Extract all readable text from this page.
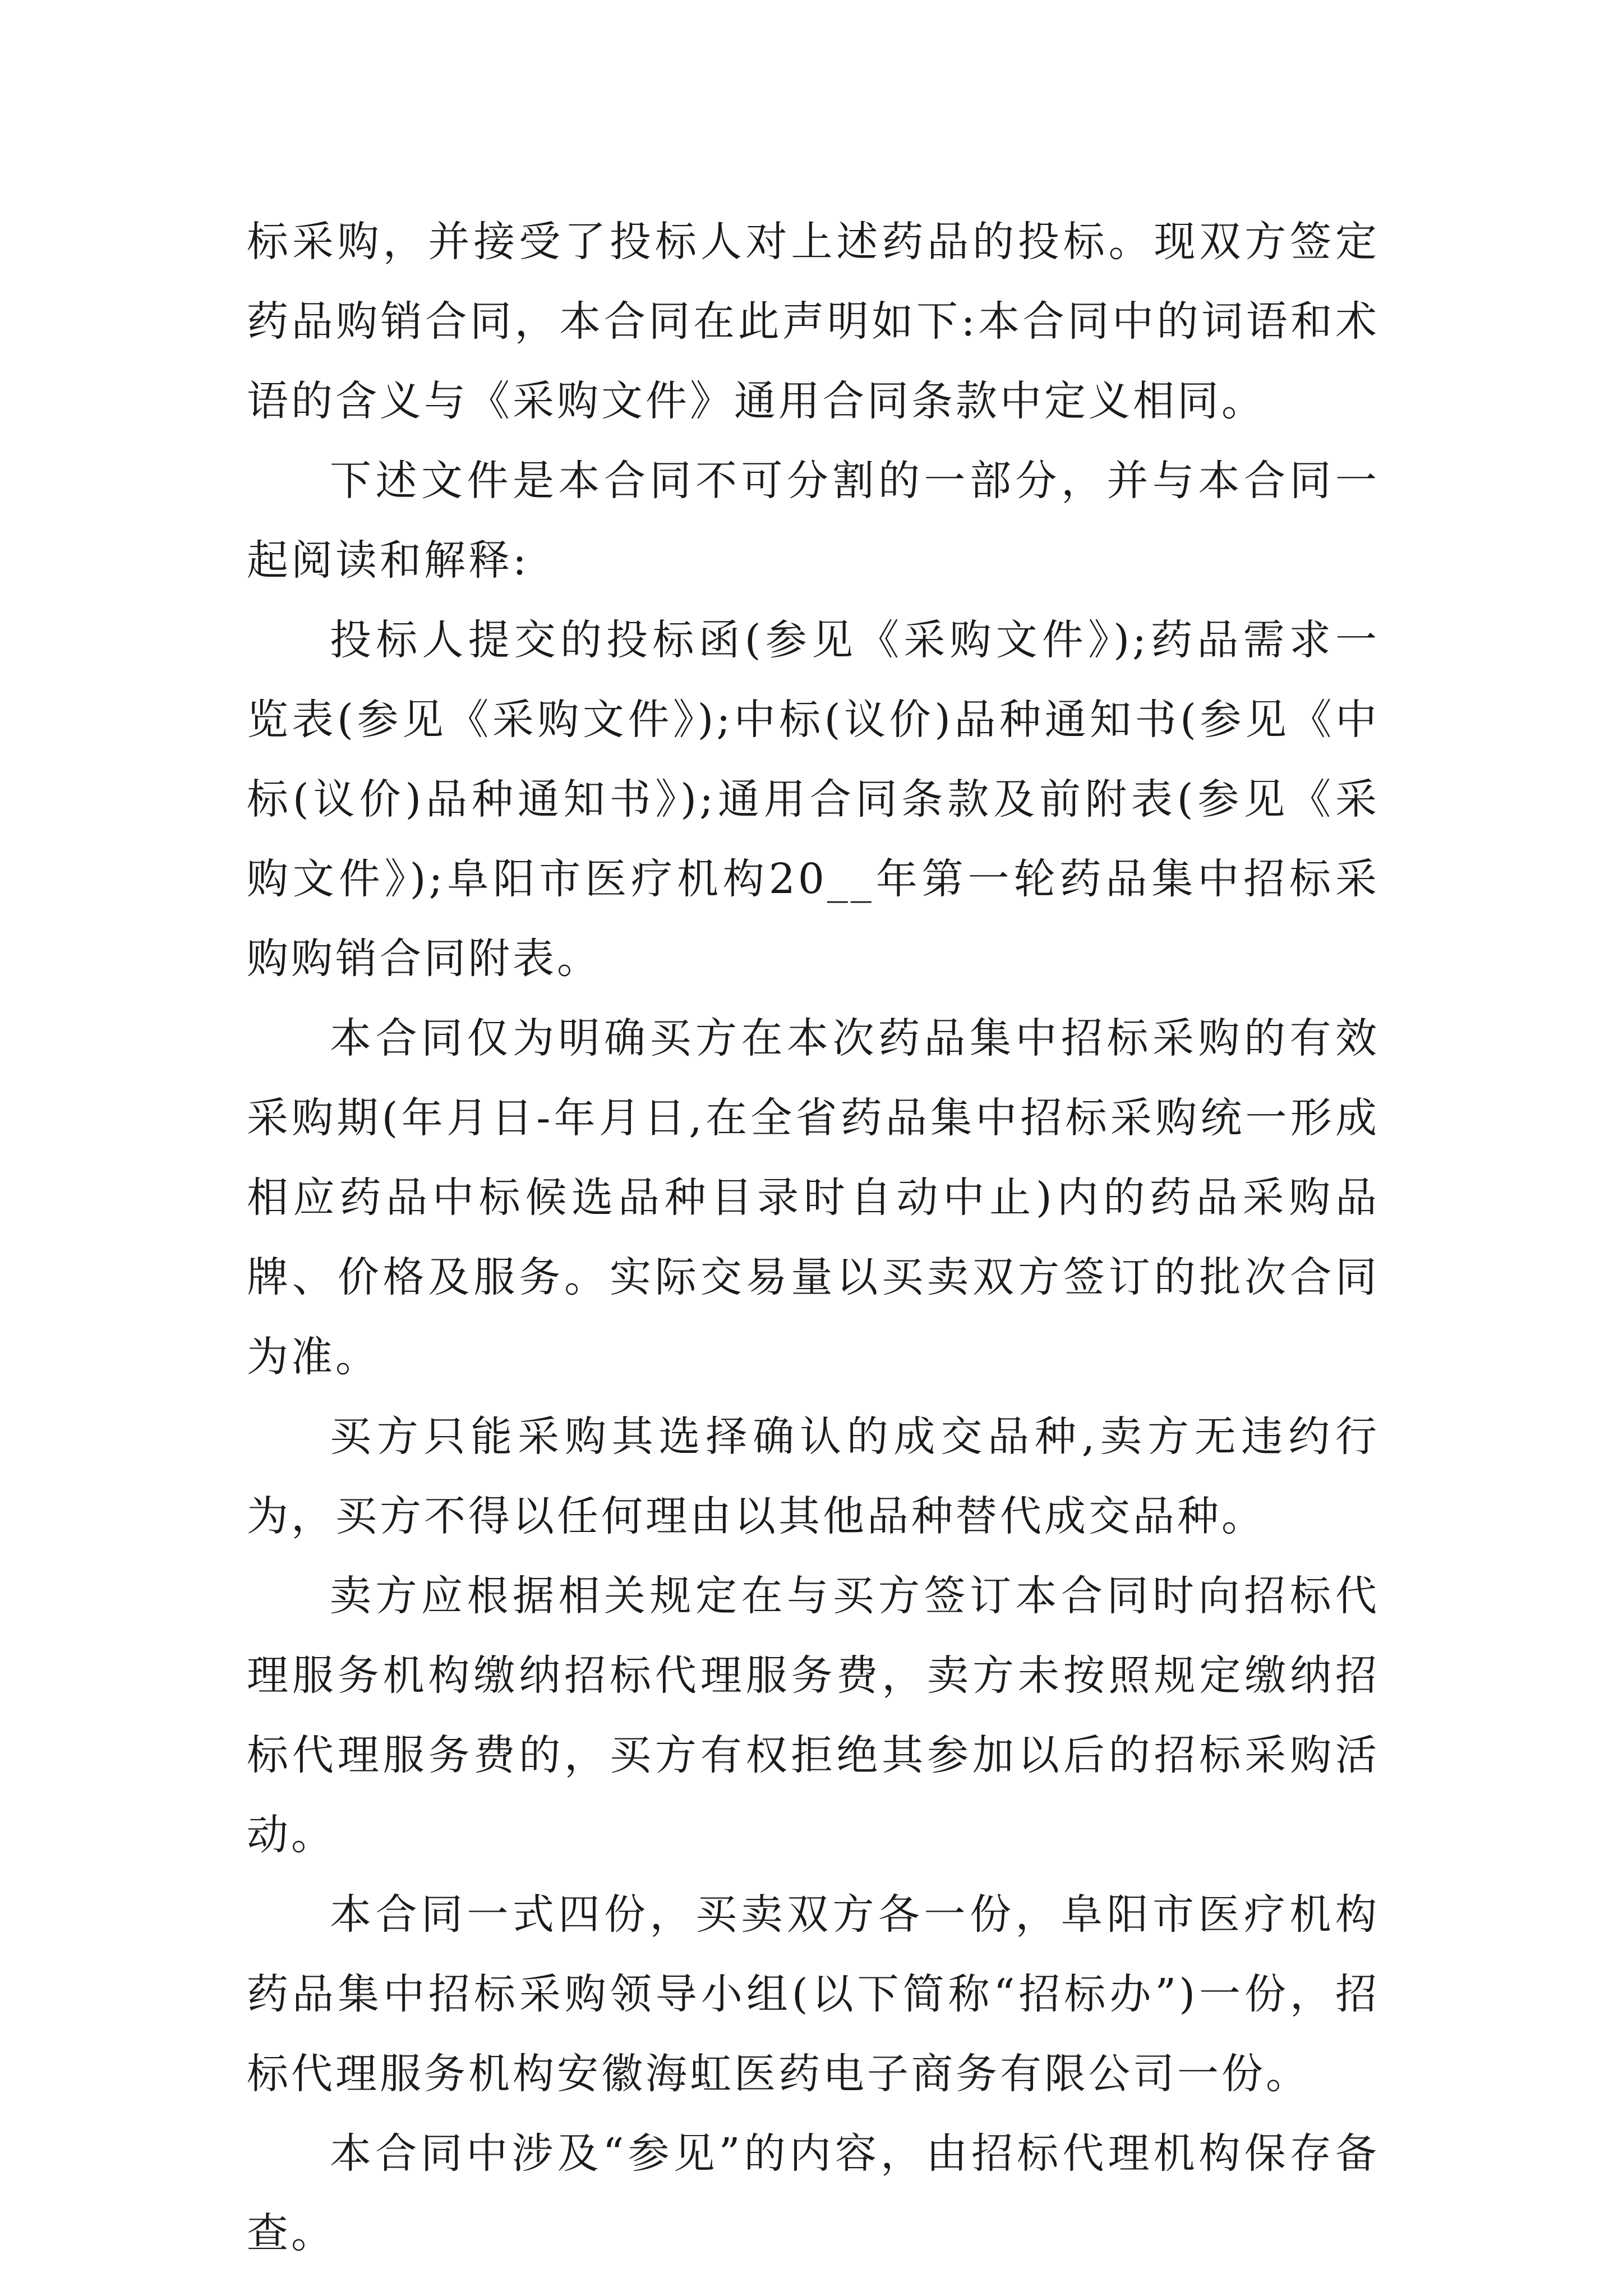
标采购，并接受了投标人对上述药品的投标。现双方签定药品购销合同，本合同在此声明如下:本合同中的词语和术语的含义与《采购文件》通用合同条款中定义相同。

下述文件是本合同不可分割的一部分，并与本合同一起阅读和解释:

投标人提交的投标函(参见《采购文件》);药品需求一览表(参见《采购文件》);中标(议价)品种通知书(参见《中标(议价)品种通知书》);通用合同条款及前附表(参见《采购文件》);阜阳市医疗机构20__年第一轮药品集中招标采购购销合同附表。

本合同仅为明确买方在本次药品集中招标采购的有效采购期(年月日-年月日,在全省药品集中招标采购统一形成相应药品中标候选品种目录时自动中止)内的药品采购品牌、价格及服务。实际交易量以买卖双方签订的批次合同为准。

买方只能采购其选择确认的成交品种,卖方无违约行为，买方不得以任何理由以其他品种替代成交品种。

卖方应根据相关规定在与买方签订本合同时向招标代理服务机构缴纳招标代理服务费，卖方未按照规定缴纳招标代理服务费的，买方有权拒绝其参加以后的招标采购活动。

本合同一式四份，买卖双方各一份，阜阳市医疗机构药品集中招标采购领导小组(以下简称“招标办”)一份，招标代理服务机构安徽海虹医药电子商务有限公司一份。

本合同中涉及“参见”的内容，由招标代理机构保存备查。
